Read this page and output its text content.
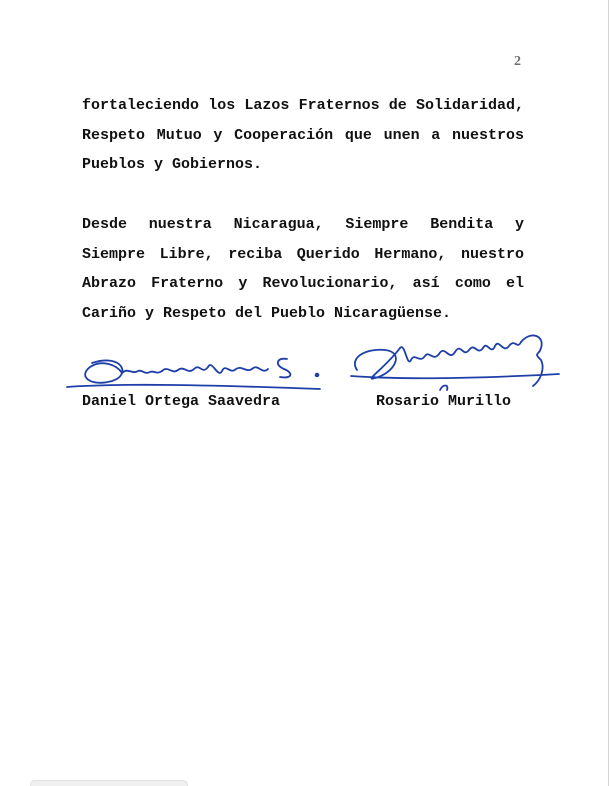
2

fortaleciendo los Lazos Fraternos de Solidaridad, Respeto Mutuo y Cooperación que unen a nuestros Pueblos y Gobiernos.

Desde nuestra Nicaragua, Siempre Bendita y Siempre Libre, reciba Querido Hermano, nuestro Abrazo Fraterno y Revolucionario, así como el Cariño y Respeto del Pueblo Nicaragüense.

Daniel Ortega Saavedra	Rosario Murillo
